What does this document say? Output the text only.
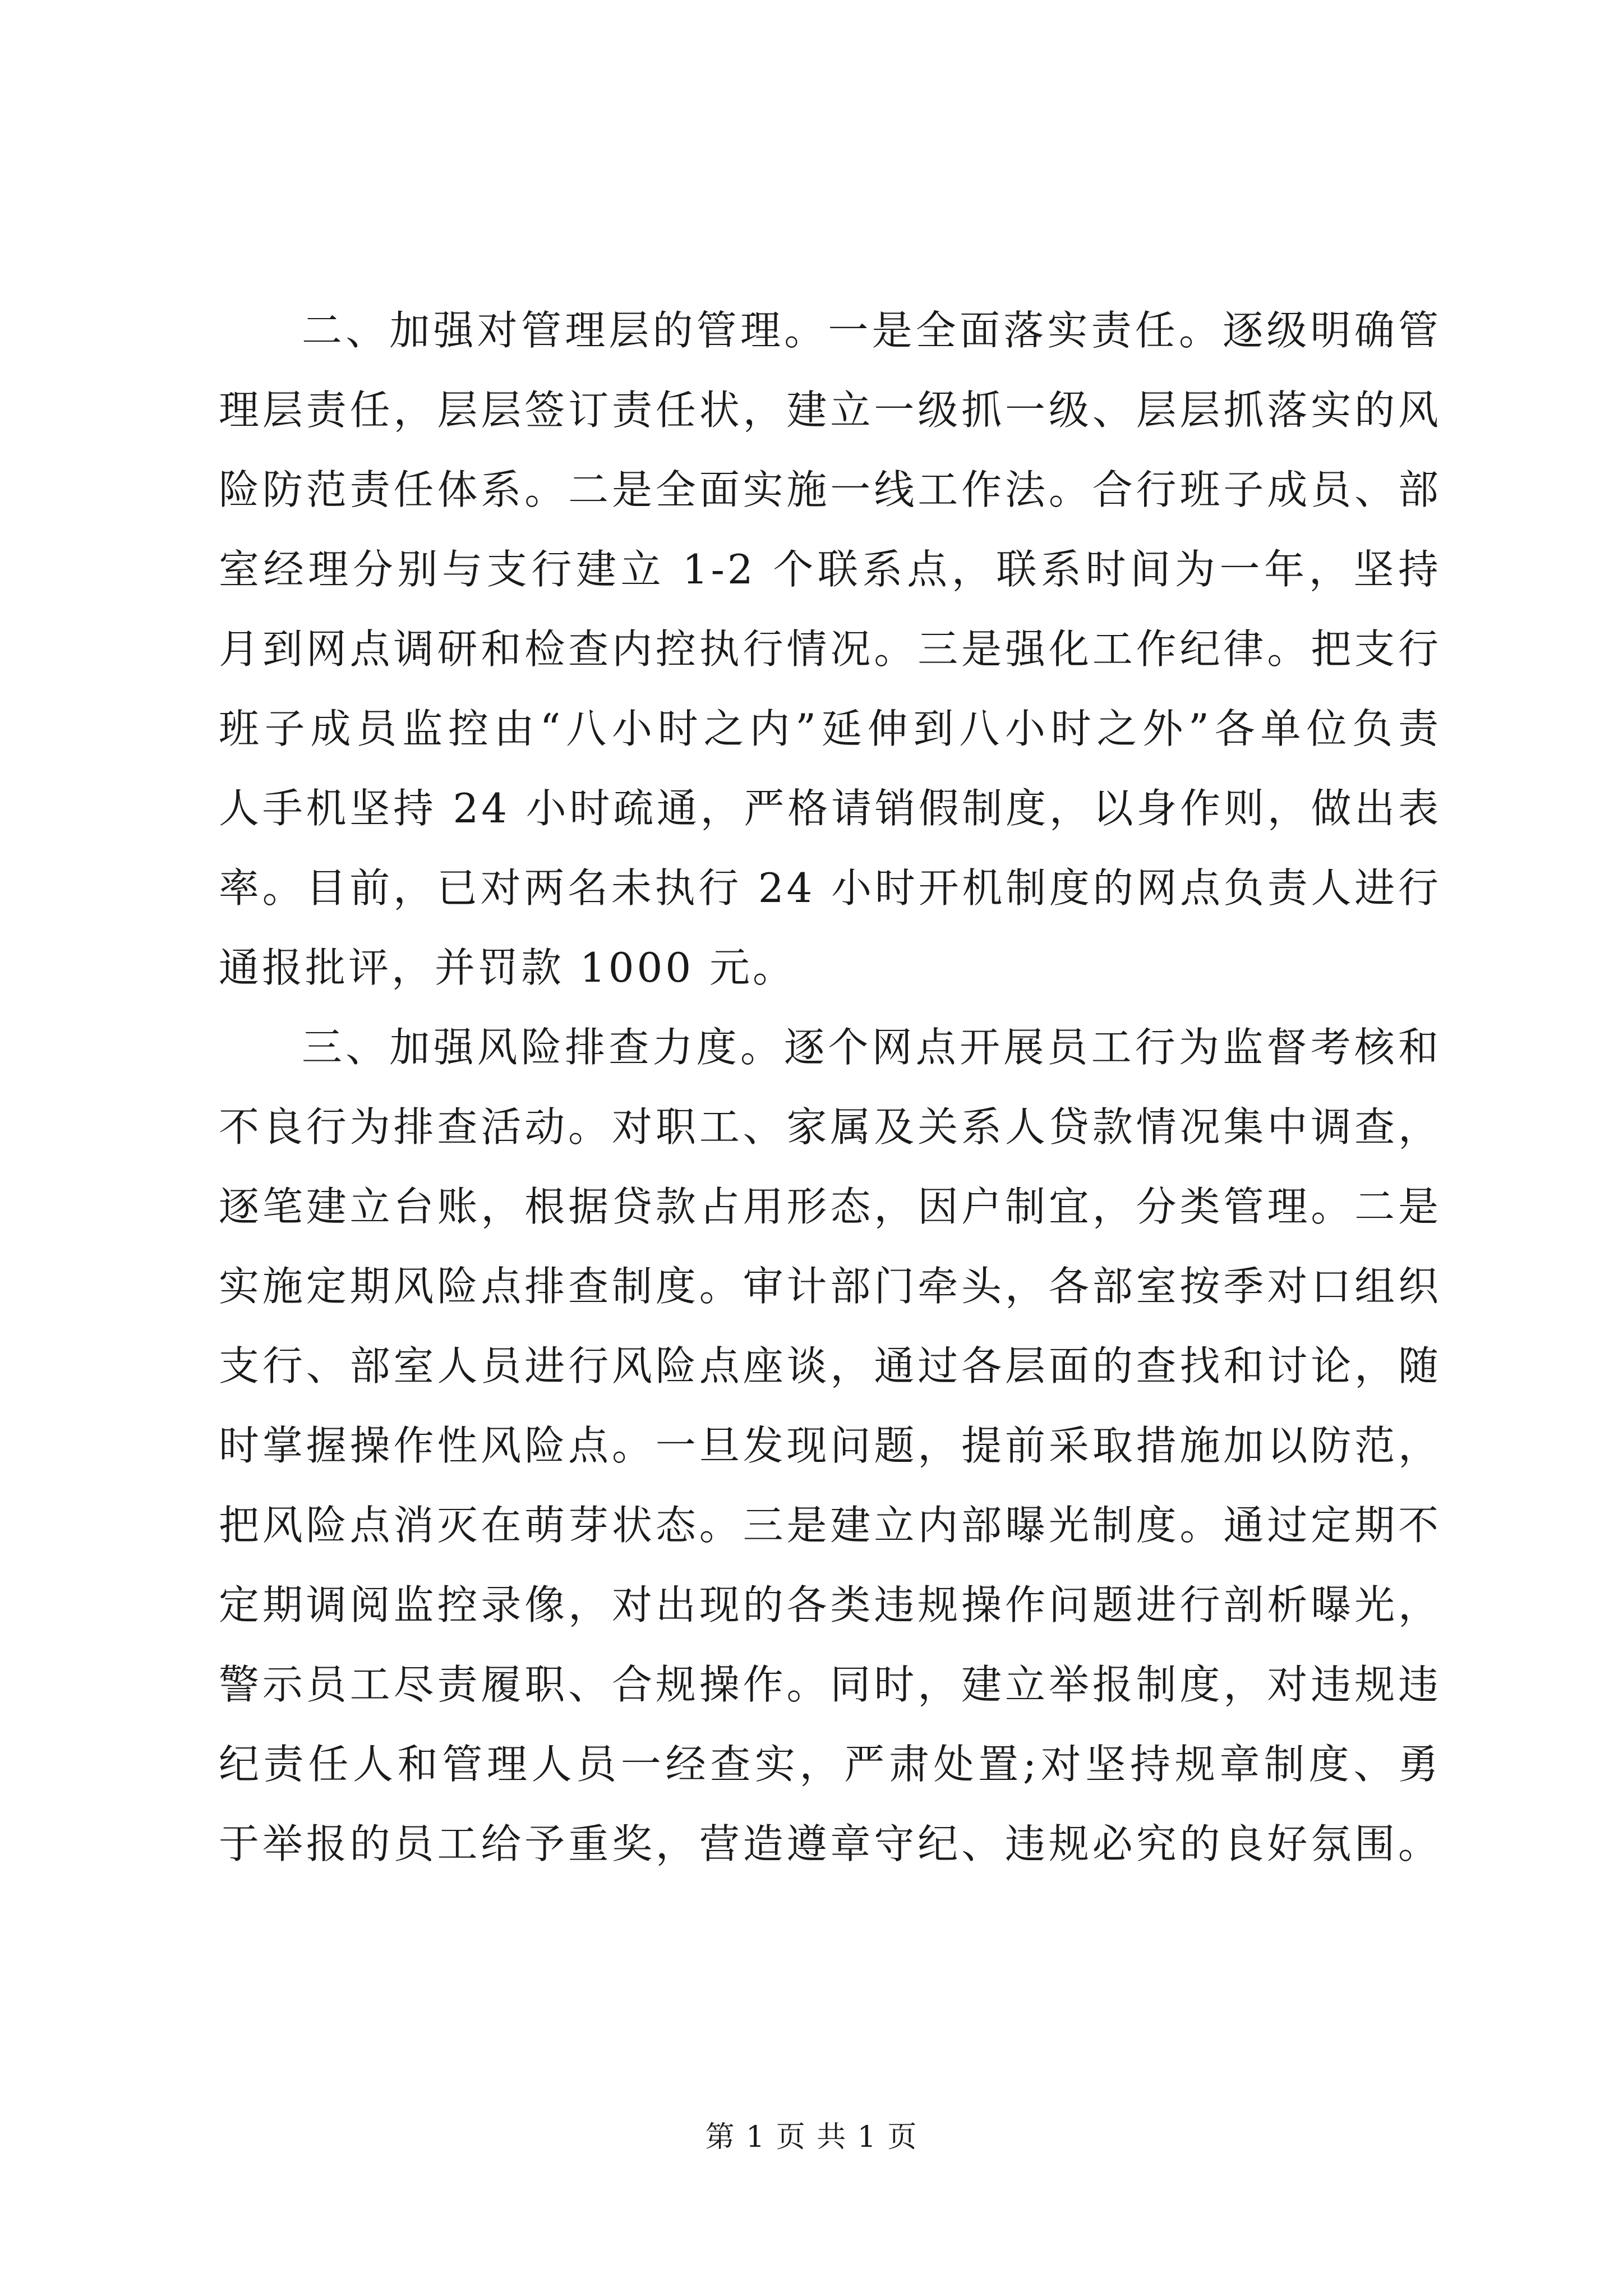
二、加强对管理层的管理。一是全面落实责任。逐级明确管
理层责任，层层签订责任状，建立一级抓一级、层层抓落实的风
险防范责任体系。二是全面实施一线工作法。合行班子成员、部
室经理分别与支行建立 1-2 个联系点，联系时间为一年，坚持
月到网点调研和检查内控执行情况。三是强化工作纪律。把支行
班子成员监控由“八小时之内”延伸到八小时之外”各单位负责
人手机坚持 24 小时疏通，严格请销假制度，以身作则，做出表
率。目前，已对两名未执行 24 小时开机制度的网点负责人进行
通报批评，并罚款 1000 元。
三、加强风险排查力度。逐个网点开展员工行为监督考核和
不良行为排查活动。对职工、家属及关系人贷款情况集中调查，
逐笔建立台账，根据贷款占用形态，因户制宜，分类管理。二是
实施定期风险点排查制度。审计部门牵头，各部室按季对口组织
支行、部室人员进行风险点座谈，通过各层面的查找和讨论，随
时掌握操作性风险点。一旦发现问题，提前采取措施加以防范，
把风险点消灭在萌芽状态。三是建立内部曝光制度。通过定期不
定期调阅监控录像，对出现的各类违规操作问题进行剖析曝光，
警示员工尽责履职、合规操作。同时，建立举报制度，对违规违
纪责任人和管理人员一经查实，严肃处置;对坚持规章制度、勇
于举报的员工给予重奖，营造遵章守纪、违规必究的良好氛围。
第 1 页 共 1 页
